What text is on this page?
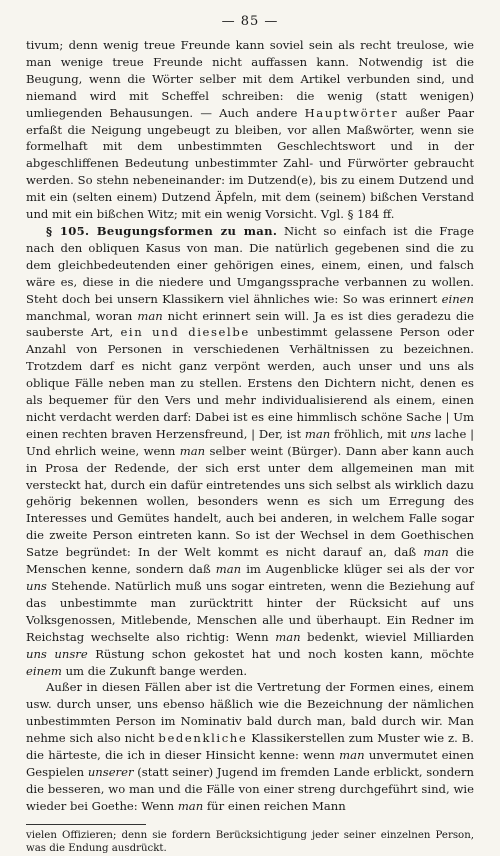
— 85 —

tivum; denn wenig treue Freunde kann soviel sein als recht treulose, wie man wenige treue Freunde nicht auffassen kann. Notwendig ist die Beugung, wenn die Wörter selber mit dem Artikel verbunden sind, und niemand wird mit Scheffel schreiben: die wenig (statt wenigen) umliegenden Behausungen. — Auch andere Hauptwörter außer Paar erfaßt die Neigung ungebeugt zu bleiben, vor allen Maßwörter, wenn sie formelhaft mit dem unbestimmten Geschlechtswort und in der abgeschliffenen Bedeutung unbestimmter Zahl- und Fürwörter gebraucht werden. So stehn nebeneinander: im Dutzend(e), bis zu einem Dutzend und mit ein (selten einem) Dutzend Äpfeln, mit dem (seinem) bißchen Verstand und mit ein bißchen Witz; mit ein wenig Vorsicht. Vgl. § 184 ff.

§ 105. Beugungsformen zu man. Nicht so einfach ist die Frage nach den obliquen Kasus von man. Die natürlich gegebenen sind die zu dem gleichbedeutenden einer gehörigen eines, einem, einen, und falsch wäre es, diese in die niedere und Umgangssprache verbannen zu wollen. Steht doch bei unsern Klassikern viel ähnliches wie: So was erinnert einen manchmal, woran man nicht erinnert sein will. Ja es ist dies geradezu die sauberste Art, ein und dieselbe unbestimmt gelassene Person oder Anzahl von Personen in verschiedenen Verhältnissen zu bezeichnen. Trotzdem darf es nicht ganz verpönt werden, auch unser und uns als oblique Fälle neben man zu stellen. Erstens den Dichtern nicht, denen es als bequemer für den Vers und mehr individualisierend als einem, einen nicht verdacht werden darf: Dabei ist es eine himmlisch schöne Sache | Um einen rechten braven Herzensfreund, | Der, ist man fröhlich, mit uns lache | Und ehrlich weine, wenn man selber weint (Bürger). Dann aber kann auch in Prosa der Redende, der sich erst unter dem allgemeinen man mit versteckt hat, durch ein dafür eintretendes uns sich selbst als wirklich dazu gehörig bekennen wollen, besonders wenn es sich um Erregung des Interesses und Gemütes handelt, auch bei anderen, in welchem Falle sogar die zweite Person eintreten kann. So ist der Wechsel in dem Goethischen Satze begründet: In der Welt kommt es nicht darauf an, daß man die Menschen kenne, sondern daß man im Augenblicke klüger sei als der vor uns Stehende. Natürlich muß uns sogar eintreten, wenn die Beziehung auf das unbestimmte man zurücktritt hinter der Rücksicht auf uns Volksgenossen, Mitlebende, Menschen alle und überhaupt. Ein Redner im Reichstag wechselte also richtig: Wenn man bedenkt, wieviel Milliarden uns unsre Rüstung schon gekostet hat und noch kosten kann, möchte einem um die Zukunft bange werden.

Außer in diesen Fällen aber ist die Vertretung der Formen eines, einem usw. durch unser, uns ebenso häßlich wie die Bezeichnung der nämlichen unbestimmten Person im Nominativ bald durch man, bald durch wir. Man nehme sich also nicht bedenkliche Klassikerstellen zum Muster wie z. B. die härteste, die ich in dieser Hinsicht kenne: wenn man unvermutet einen Gespielen unserer (statt seiner) Jugend im fremden Lande erblickt, sondern die besseren, wo man und die Fälle von einer streng durchgeführt sind, wie wieder bei Goethe: Wenn man für einen reichen Mann

vielen Offizieren; denn sie fordern Berücksichtigung jeder seiner einzelnen Person, was die Endung ausdrückt.
